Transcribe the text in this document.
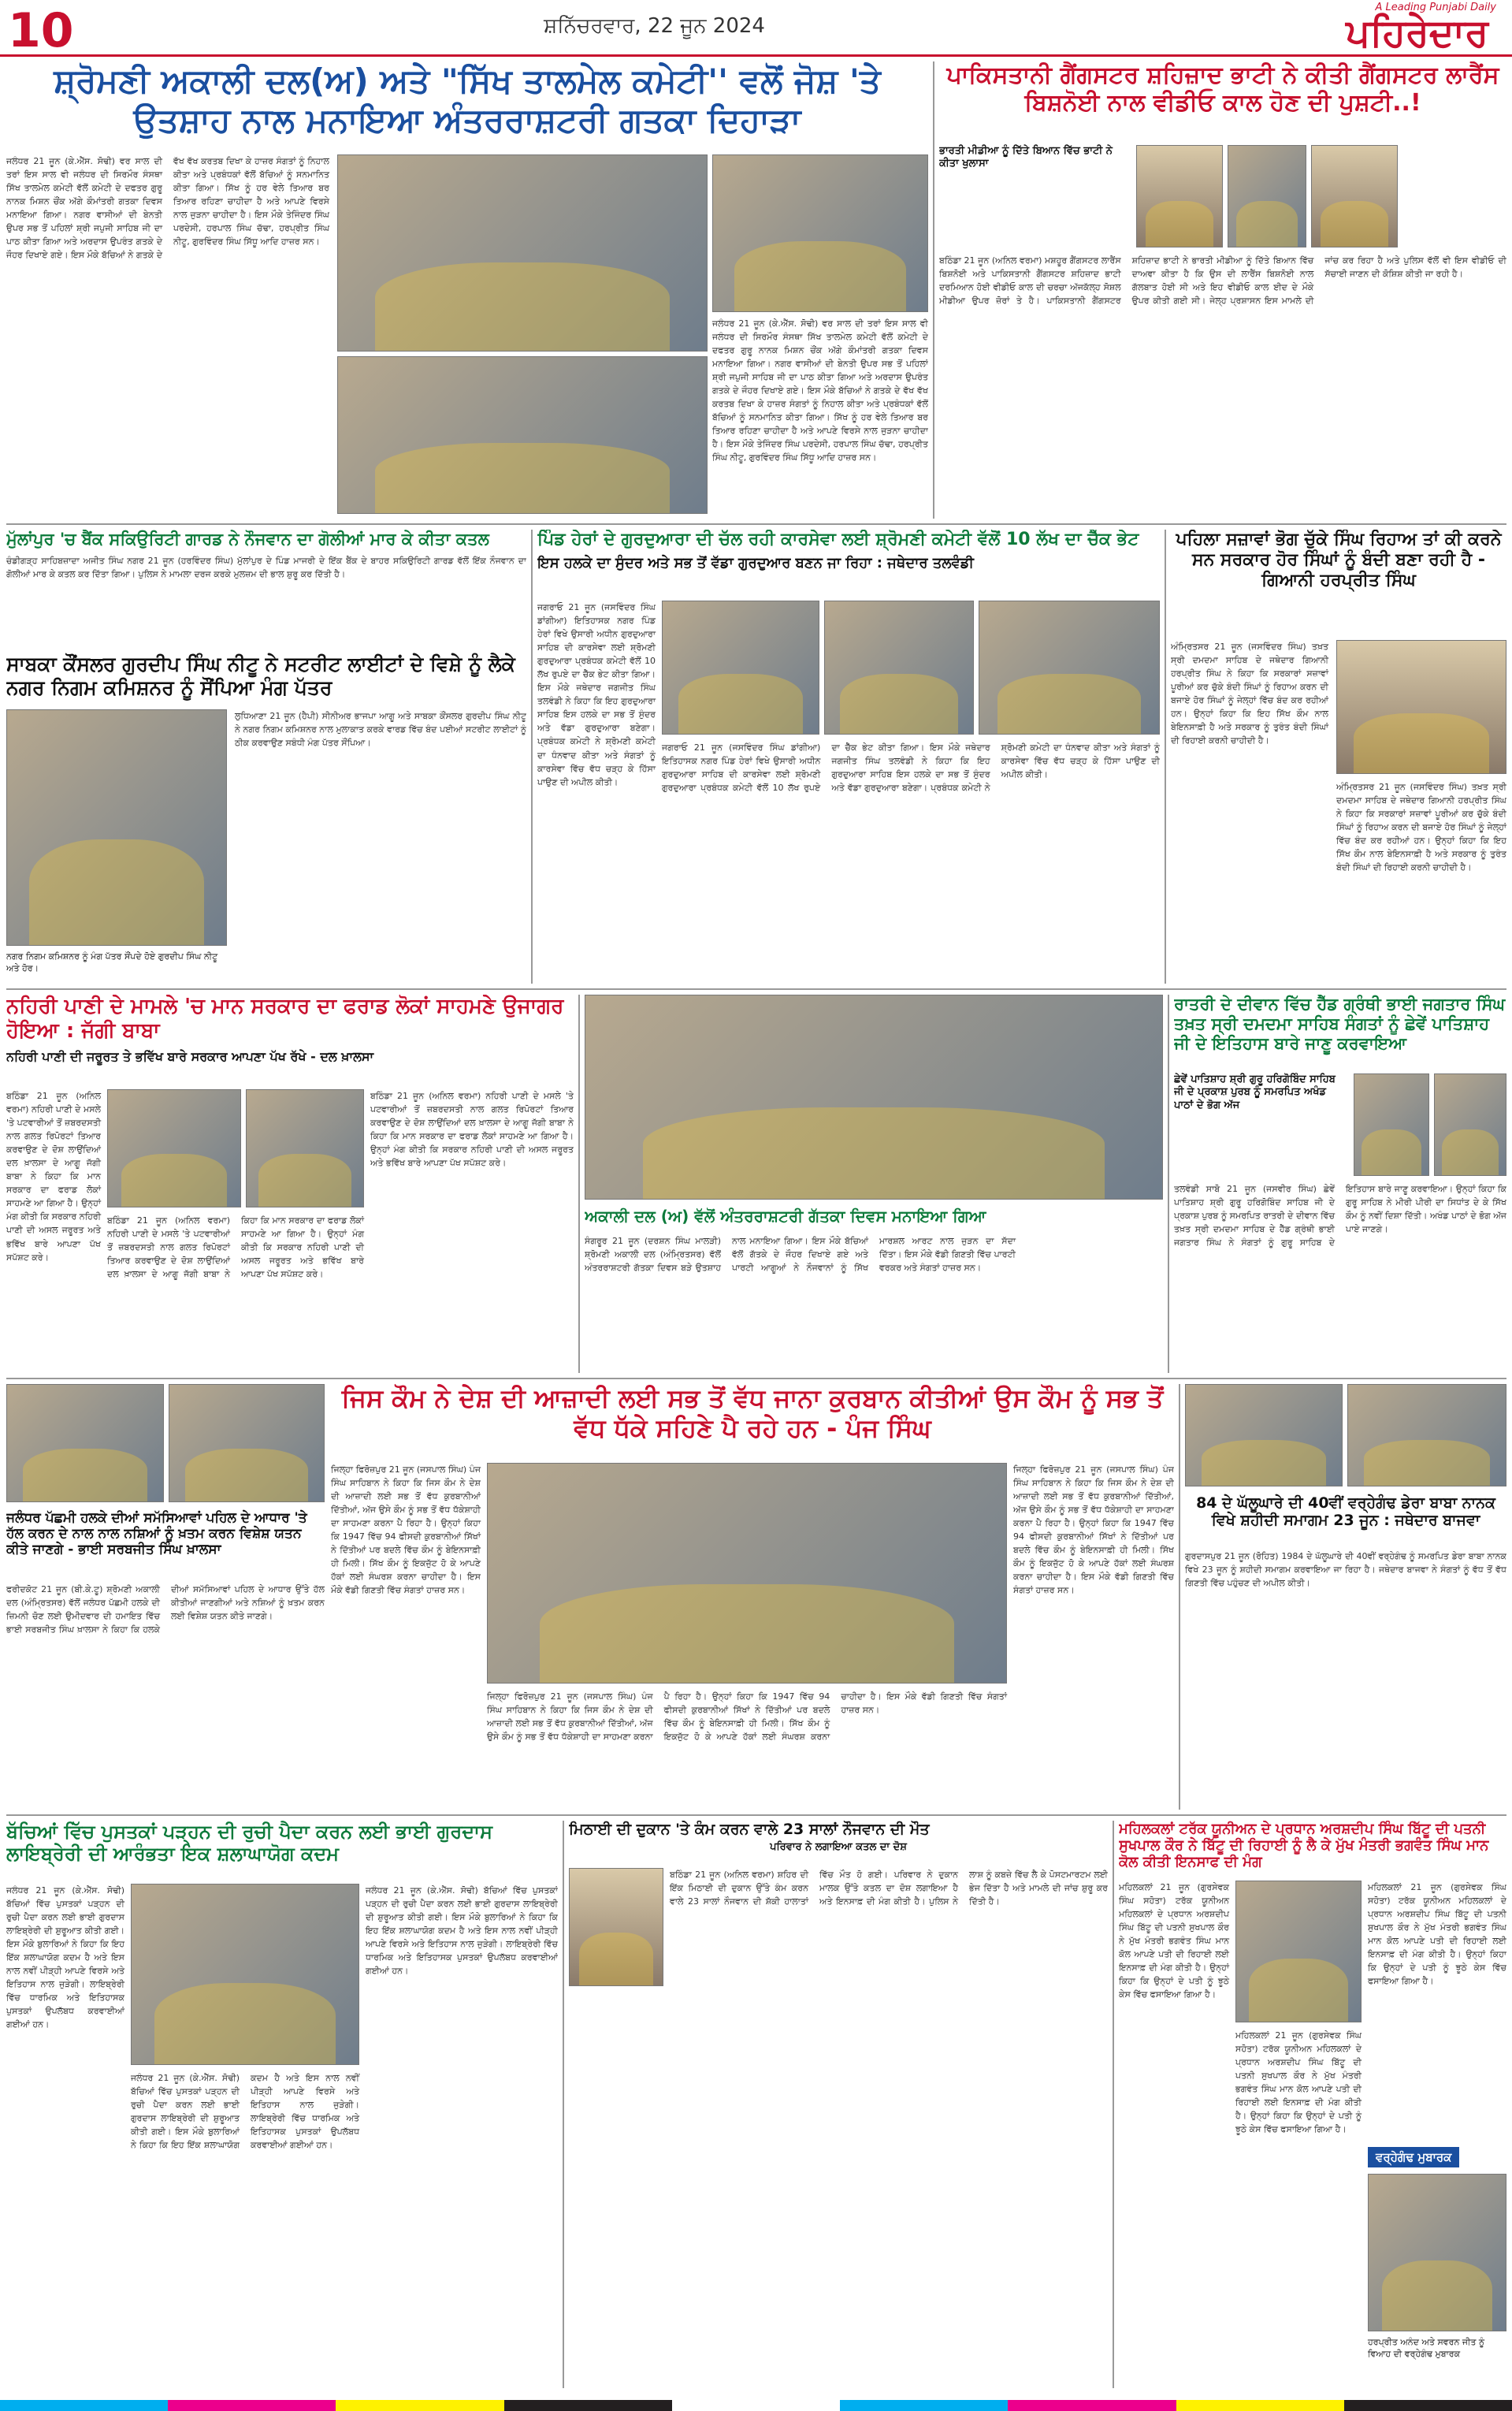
10	ਸ਼ਨਿੱਚਰਵਾਰ, 22 ਜੂਨ 2024
A Leading Punjabi Daily
ਪਹਿਰੇਦਾਰ
ਸ਼੍ਰੋਮਣੀ ਅਕਾਲੀ ਦਲ(ਅ) ਅਤੇ "ਸਿੱਖ ਤਾਲਮੇਲ ਕਮੇਟੀ'' ਵਲੋਂ ਜੋਸ਼ 'ਤੇ ਉਤਸ਼ਾਹ ਨਾਲ ਮਨਾਇਆ ਅੰਤਰਰਾਸ਼ਟਰੀ ਗਤਕਾ ਦਿਹਾੜਾ
ਜਲੰਧਰ 21 ਜੂਨ (ਕੇ.ਐੱਸ. ਸੋਢੀ) ਵਰ ਸਾਲ ਦੀ ਤਰਾਂ ਇਸ ਸਾਲ ਵੀ ਜਲੰਧਰ ਦੀ ਸਿਰਮੌਰ ਸੰਸਥਾ ਸਿੱਖ ਤਾਲਮੇਲ ਕਮੇਟੀ ਵੱਲੋਂ ਕਮੇਟੀ ਦੇ ਦਫਤਰ ਗੁਰੂ ਨਾਨਕ ਮਿਸ਼ਨ ਚੌਂਕ ਅੱਗੇ ਕੌਮਾਂਤਰੀ ਗਤਕਾ ਦਿਵਸ ਮਨਾਇਆ ਗਿਆ। ਨਗਰ ਵਾਸੀਆਂ ਦੀ ਬੇਨਤੀ ਉਪਰ ਸਭ ਤੋਂ ਪਹਿਲਾਂ ਸ਼੍ਰੀ ਜਪੁਜੀ ਸਾਹਿਬ ਜੀ ਦਾ ਪਾਠ ਕੀਤਾ ਗਿਆ ਅਤੇ ਅਰਦਾਸ ਉਪਰੰਤ ਗਤਕੇ ਦੇ ਜੌਹਰ ਦਿਖਾਏ ਗਏ। ਇਸ ਮੌਕੇ ਬੱਚਿਆਂ ਨੇ ਗਤਕੇ ਦੇ ਵੱਖ ਵੱਖ ਕਰਤਬ ਦਿਖਾ ਕੇ ਹਾਜ਼ਰ ਸੰਗਤਾਂ ਨੂੰ ਨਿਹਾਲ ਕੀਤਾ ਅਤੇ ਪ੍ਰਬੰਧਕਾਂ ਵੱਲੋਂ ਬੱਚਿਆਂ ਨੂੰ ਸਨਮਾਨਿਤ ਕੀਤਾ ਗਿਆ। ਸਿੱਖ ਨੂੰ ਹਰ ਵੇਲੇ ਤਿਆਰ ਬਰ ਤਿਆਰ ਰਹਿਣਾ ਚਾਹੀਦਾ ਹੈ ਅਤੇ ਆਪਣੇ ਵਿਰਸੇ ਨਾਲ ਜੁੜਨਾ ਚਾਹੀਦਾ ਹੈ। ਇਸ ਮੌਕੇ ਤੇਜਿੰਦਰ ਸਿੰਘ ਪਰਦੇਸੀ, ਹਰਪਾਲ ਸਿੰਘ ਚੱਢਾ, ਹਰਪ੍ਰੀਤ ਸਿੰਘ ਨੀਟੂ, ਗੁਰਵਿੰਦਰ ਸਿੰਘ ਸਿੱਧੂ ਆਦਿ ਹਾਜ਼ਰ ਸਨ।
ਜਲੰਧਰ 21 ਜੂਨ (ਕੇ.ਐੱਸ. ਸੋਢੀ) ਵਰ ਸਾਲ ਦੀ ਤਰਾਂ ਇਸ ਸਾਲ ਵੀ ਜਲੰਧਰ ਦੀ ਸਿਰਮੌਰ ਸੰਸਥਾ ਸਿੱਖ ਤਾਲਮੇਲ ਕਮੇਟੀ ਵੱਲੋਂ ਕਮੇਟੀ ਦੇ ਦਫਤਰ ਗੁਰੂ ਨਾਨਕ ਮਿਸ਼ਨ ਚੌਂਕ ਅੱਗੇ ਕੌਮਾਂਤਰੀ ਗਤਕਾ ਦਿਵਸ ਮਨਾਇਆ ਗਿਆ। ਨਗਰ ਵਾਸੀਆਂ ਦੀ ਬੇਨਤੀ ਉਪਰ ਸਭ ਤੋਂ ਪਹਿਲਾਂ ਸ਼੍ਰੀ ਜਪੁਜੀ ਸਾਹਿਬ ਜੀ ਦਾ ਪਾਠ ਕੀਤਾ ਗਿਆ ਅਤੇ ਅਰਦਾਸ ਉਪਰੰਤ ਗਤਕੇ ਦੇ ਜੌਹਰ ਦਿਖਾਏ ਗਏ। ਇਸ ਮੌਕੇ ਬੱਚਿਆਂ ਨੇ ਗਤਕੇ ਦੇ ਵੱਖ ਵੱਖ ਕਰਤਬ ਦਿਖਾ ਕੇ ਹਾਜ਼ਰ ਸੰਗਤਾਂ ਨੂੰ ਨਿਹਾਲ ਕੀਤਾ ਅਤੇ ਪ੍ਰਬੰਧਕਾਂ ਵੱਲੋਂ ਬੱਚਿਆਂ ਨੂੰ ਸਨਮਾਨਿਤ ਕੀਤਾ ਗਿਆ। ਸਿੱਖ ਨੂੰ ਹਰ ਵੇਲੇ ਤਿਆਰ ਬਰ ਤਿਆਰ ਰਹਿਣਾ ਚਾਹੀਦਾ ਹੈ ਅਤੇ ਆਪਣੇ ਵਿਰਸੇ ਨਾਲ ਜੁੜਨਾ ਚਾਹੀਦਾ ਹੈ। ਇਸ ਮੌਕੇ ਤੇਜਿੰਦਰ ਸਿੰਘ ਪਰਦੇਸੀ, ਹਰਪਾਲ ਸਿੰਘ ਚੱਢਾ, ਹਰਪ੍ਰੀਤ ਸਿੰਘ ਨੀਟੂ, ਗੁਰਵਿੰਦਰ ਸਿੰਘ ਸਿੱਧੂ ਆਦਿ ਹਾਜ਼ਰ ਸਨ।
ਪਾਕਿਸਤਾਨੀ ਗੈਂਗਸਟਰ ਸ਼ਹਿਜ਼ਾਦ ਭਾਟੀ ਨੇ ਕੀਤੀ ਗੈਂਗਸਟਰ ਲਾਰੈਂਸ ਬਿਸ਼ਨੋਈ ਨਾਲ ਵੀਡੀਓ ਕਾਲ ਹੋਣ ਦੀ ਪੁਸ਼ਟੀ..!
ਭਾਰਤੀ ਮੀਡੀਆ ਨੂੰ ਦਿੱਤੇ ਬਿਆਨ ਵਿੱਚ ਭਾਟੀ ਨੇ ਕੀਤਾ ਖੁਲਾਸਾ
ਬਠਿੰਡਾ 21 ਜੂਨ (ਅਨਿਲ ਵਰਮਾ) ਮਸ਼ਹੂਰ ਗੈਂਗਸਟਰ ਲਾਰੈਂਸ ਬਿਸ਼ਨੋਈ ਅਤੇ ਪਾਕਿਸਤਾਨੀ ਗੈਂਗਸਟਰ ਸ਼ਹਿਜ਼ਾਦ ਭਾਟੀ ਦਰਮਿਆਨ ਹੋਈ ਵੀਡੀਓ ਕਾਲ ਦੀ ਚਰਚਾ ਅੱਜਕੱਲ੍ਹ ਸੋਸ਼ਲ ਮੀਡੀਆ ਉਪਰ ਜ਼ੋਰਾਂ ਤੇ ਹੈ। ਪਾਕਿਸਤਾਨੀ ਗੈਂਗਸਟਰ ਸ਼ਹਿਜ਼ਾਦ ਭਾਟੀ ਨੇ ਭਾਰਤੀ ਮੀਡੀਆ ਨੂੰ ਦਿੱਤੇ ਬਿਆਨ ਵਿੱਚ ਦਾਅਵਾ ਕੀਤਾ ਹੈ ਕਿ ਉਸ ਦੀ ਲਾਰੈਂਸ ਬਿਸ਼ਨੋਈ ਨਾਲ ਗੱਲਬਾਤ ਹੋਈ ਸੀ ਅਤੇ ਇਹ ਵੀਡੀਓ ਕਾਲ ਈਦ ਦੇ ਮੌਕੇ ਉਪਰ ਕੀਤੀ ਗਈ ਸੀ। ਜੇਲ੍ਹ ਪ੍ਰਸ਼ਾਸਨ ਇਸ ਮਾਮਲੇ ਦੀ ਜਾਂਚ ਕਰ ਰਿਹਾ ਹੈ ਅਤੇ ਪੁਲਿਸ ਵੱਲੋਂ ਵੀ ਇਸ ਵੀਡੀਓ ਦੀ ਸੱਚਾਈ ਜਾਣਨ ਦੀ ਕੋਸ਼ਿਸ਼ ਕੀਤੀ ਜਾ ਰਹੀ ਹੈ।
ਮੁੱਲਾਂਪੁਰ 'ਚ ਬੈਂਕ ਸਕਿਉਰਿਟੀ ਗਾਰਡ ਨੇ ਨੌਜਵਾਨ ਦਾ ਗੋਲੀਆਂ ਮਾਰ ਕੇ ਕੀਤਾ ਕਤਲ
ਚੰਡੀਗੜ੍ਹ ਸਾਹਿਬਜ਼ਾਦਾ ਅਜੀਤ ਸਿੰਘ ਨਗਰ 21 ਜੂਨ (ਹਰਵਿੰਦਰ ਸਿੰਘ) ਮੁੱਲਾਂਪੁਰ ਦੇ ਪਿੰਡ ਮਾਜਰੀ ਦੇ ਇੱਕ ਬੈਂਕ ਦੇ ਬਾਹਰ ਸਕਿਉਰਿਟੀ ਗਾਰਡ ਵੱਲੋਂ ਇੱਕ ਨੌਜਵਾਨ ਦਾ ਗੋਲੀਆਂ ਮਾਰ ਕੇ ਕਤਲ ਕਰ ਦਿੱਤਾ ਗਿਆ। ਪੁਲਿਸ ਨੇ ਮਾਮਲਾ ਦਰਜ ਕਰਕੇ ਮੁਲਜ਼ਮ ਦੀ ਭਾਲ ਸ਼ੁਰੂ ਕਰ ਦਿੱਤੀ ਹੈ।
ਸਾਬਕਾ ਕੌਂਸਲਰ ਗੁਰਦੀਪ ਸਿੰਘ ਨੀਟੂ ਨੇ ਸਟਰੀਟ ਲਾਈਟਾਂ ਦੇ ਵਿਸ਼ੇ ਨੂੰ ਲੈਕੇ ਨਗਰ ਨਿਗਮ ਕਮਿਸ਼ਨਰ ਨੂੰ ਸੌਂਪਿਆ ਮੰਗ ਪੱਤਰ
ਨਗਰ ਨਿਗਮ ਕਮਿਸ਼ਨਰ ਨੂੰ ਮੰਗ ਪੱਤਰ ਸੌਂਪਦੇ ਹੋਏ ਗੁਰਦੀਪ ਸਿੰਘ ਨੀਟੂ ਅਤੇ ਹੋਰ।
ਲੁਧਿਆਣਾ 21 ਜੂਨ (ਹੈਪੀ) ਸੀਨੀਅਰ ਭਾਜਪਾ ਆਗੂ ਅਤੇ ਸਾਬਕਾ ਕੌਂਸਲਰ ਗੁਰਦੀਪ ਸਿੰਘ ਨੀਟੂ ਨੇ ਨਗਰ ਨਿਗਮ ਕਮਿਸ਼ਨਰ ਨਾਲ ਮੁਲਾਕਾਤ ਕਰਕੇ ਵਾਰਡ ਵਿੱਚ ਬੰਦ ਪਈਆਂ ਸਟਰੀਟ ਲਾਈਟਾਂ ਨੂੰ ਠੀਕ ਕਰਵਾਉਣ ਸਬੰਧੀ ਮੰਗ ਪੱਤਰ ਸੌਂਪਿਆ।
ਪਿੰਡ ਹੇਰਾਂ ਦੇ ਗੁਰਦੁਆਰਾ ਦੀ ਚੱਲ ਰਹੀ ਕਾਰਸੇਵਾ ਲਈ ਸ਼੍ਰੋਮਣੀ ਕਮੇਟੀ ਵੱਲੋਂ 10 ਲੱਖ ਦਾ ਚੈੱਕ ਭੇਟ
ਇਸ ਹਲਕੇ ਦਾ ਸੁੰਦਰ ਅਤੇ ਸਭ ਤੋਂ ਵੱਡਾ ਗੁਰਦੁਆਰ ਬਣਨ ਜਾ ਰਿਹਾ : ਜਥੇਦਾਰ ਤਲਵੰਡੀ
ਜਗਰਾਓ 21 ਜੂਨ (ਜਸਵਿੰਦਰ ਸਿੰਘ ਡਾਂਗੀਆ) ਇਤਿਹਾਸਕ ਨਗਰ ਪਿੰਡ ਹੇਰਾਂ ਵਿਖੇ ਉਸਾਰੀ ਅਧੀਨ ਗੁਰਦੁਆਰਾ ਸਾਹਿਬ ਦੀ ਕਾਰਸੇਵਾ ਲਈ ਸ਼੍ਰੋਮਣੀ ਗੁਰਦੁਆਰਾ ਪ੍ਰਬੰਧਕ ਕਮੇਟੀ ਵੱਲੋਂ 10 ਲੱਖ ਰੁਪਏ ਦਾ ਚੈੱਕ ਭੇਟ ਕੀਤਾ ਗਿਆ। ਇਸ ਮੌਕੇ ਜਥੇਦਾਰ ਜਗਜੀਤ ਸਿੰਘ ਤਲਵੰਡੀ ਨੇ ਕਿਹਾ ਕਿ ਇਹ ਗੁਰਦੁਆਰਾ ਸਾਹਿਬ ਇਸ ਹਲਕੇ ਦਾ ਸਭ ਤੋਂ ਸੁੰਦਰ ਅਤੇ ਵੱਡਾ ਗੁਰਦੁਆਰਾ ਬਣੇਗਾ। ਪ੍ਰਬੰਧਕ ਕਮੇਟੀ ਨੇ ਸ਼੍ਰੋਮਣੀ ਕਮੇਟੀ ਦਾ ਧੰਨਵਾਦ ਕੀਤਾ ਅਤੇ ਸੰਗਤਾਂ ਨੂੰ ਕਾਰਸੇਵਾ ਵਿੱਚ ਵੱਧ ਚੜ੍ਹ ਕੇ ਹਿੱਸਾ ਪਾਉਣ ਦੀ ਅਪੀਲ ਕੀਤੀ।
ਜਗਰਾਓ 21 ਜੂਨ (ਜਸਵਿੰਦਰ ਸਿੰਘ ਡਾਂਗੀਆ) ਇਤਿਹਾਸਕ ਨਗਰ ਪਿੰਡ ਹੇਰਾਂ ਵਿਖੇ ਉਸਾਰੀ ਅਧੀਨ ਗੁਰਦੁਆਰਾ ਸਾਹਿਬ ਦੀ ਕਾਰਸੇਵਾ ਲਈ ਸ਼੍ਰੋਮਣੀ ਗੁਰਦੁਆਰਾ ਪ੍ਰਬੰਧਕ ਕਮੇਟੀ ਵੱਲੋਂ 10 ਲੱਖ ਰੁਪਏ ਦਾ ਚੈੱਕ ਭੇਟ ਕੀਤਾ ਗਿਆ। ਇਸ ਮੌਕੇ ਜਥੇਦਾਰ ਜਗਜੀਤ ਸਿੰਘ ਤਲਵੰਡੀ ਨੇ ਕਿਹਾ ਕਿ ਇਹ ਗੁਰਦੁਆਰਾ ਸਾਹਿਬ ਇਸ ਹਲਕੇ ਦਾ ਸਭ ਤੋਂ ਸੁੰਦਰ ਅਤੇ ਵੱਡਾ ਗੁਰਦੁਆਰਾ ਬਣੇਗਾ। ਪ੍ਰਬੰਧਕ ਕਮੇਟੀ ਨੇ ਸ਼੍ਰੋਮਣੀ ਕਮੇਟੀ ਦਾ ਧੰਨਵਾਦ ਕੀਤਾ ਅਤੇ ਸੰਗਤਾਂ ਨੂੰ ਕਾਰਸੇਵਾ ਵਿੱਚ ਵੱਧ ਚੜ੍ਹ ਕੇ ਹਿੱਸਾ ਪਾਉਣ ਦੀ ਅਪੀਲ ਕੀਤੀ।
ਪਹਿਲਾ ਸਜ਼ਾਵਾਂ ਭੋਗ ਚੁੱਕੇ ਸਿੰਘ ਰਿਹਾਅ ਤਾਂ ਕੀ ਕਰਨੇ ਸਨ ਸਰਕਾਰ ਹੋਰ ਸਿੰਘਾਂ ਨੂੰ ਬੰਦੀ ਬਣਾ ਰਹੀ ਹੈ - ਗਿਆਨੀ ਹਰਪ੍ਰੀਤ ਸਿੰਘ
ਅੰਮ੍ਰਿਤਸਰ 21 ਜੂਨ (ਜਸਵਿੰਦਰ ਸਿੰਘ) ਤਖ਼ਤ ਸ੍ਰੀ ਦਮਦਮਾ ਸਾਹਿਬ ਦੇ ਜਥੇਦਾਰ ਗਿਆਨੀ ਹਰਪ੍ਰੀਤ ਸਿੰਘ ਨੇ ਕਿਹਾ ਕਿ ਸਰਕਾਰਾਂ ਸਜ਼ਾਵਾਂ ਪੂਰੀਆਂ ਕਰ ਚੁੱਕੇ ਬੰਦੀ ਸਿੰਘਾਂ ਨੂੰ ਰਿਹਾਅ ਕਰਨ ਦੀ ਬਜਾਏ ਹੋਰ ਸਿੰਘਾਂ ਨੂੰ ਜੇਲ੍ਹਾਂ ਵਿੱਚ ਬੰਦ ਕਰ ਰਹੀਆਂ ਹਨ। ਉਨ੍ਹਾਂ ਕਿਹਾ ਕਿ ਇਹ ਸਿੱਖ ਕੌਮ ਨਾਲ ਬੇਇਨਸਾਫ਼ੀ ਹੈ ਅਤੇ ਸਰਕਾਰ ਨੂੰ ਤੁਰੰਤ ਬੰਦੀ ਸਿੰਘਾਂ ਦੀ ਰਿਹਾਈ ਕਰਨੀ ਚਾਹੀਦੀ ਹੈ।
ਅੰਮ੍ਰਿਤਸਰ 21 ਜੂਨ (ਜਸਵਿੰਦਰ ਸਿੰਘ) ਤਖ਼ਤ ਸ੍ਰੀ ਦਮਦਮਾ ਸਾਹਿਬ ਦੇ ਜਥੇਦਾਰ ਗਿਆਨੀ ਹਰਪ੍ਰੀਤ ਸਿੰਘ ਨੇ ਕਿਹਾ ਕਿ ਸਰਕਾਰਾਂ ਸਜ਼ਾਵਾਂ ਪੂਰੀਆਂ ਕਰ ਚੁੱਕੇ ਬੰਦੀ ਸਿੰਘਾਂ ਨੂੰ ਰਿਹਾਅ ਕਰਨ ਦੀ ਬਜਾਏ ਹੋਰ ਸਿੰਘਾਂ ਨੂੰ ਜੇਲ੍ਹਾਂ ਵਿੱਚ ਬੰਦ ਕਰ ਰਹੀਆਂ ਹਨ। ਉਨ੍ਹਾਂ ਕਿਹਾ ਕਿ ਇਹ ਸਿੱਖ ਕੌਮ ਨਾਲ ਬੇਇਨਸਾਫ਼ੀ ਹੈ ਅਤੇ ਸਰਕਾਰ ਨੂੰ ਤੁਰੰਤ ਬੰਦੀ ਸਿੰਘਾਂ ਦੀ ਰਿਹਾਈ ਕਰਨੀ ਚਾਹੀਦੀ ਹੈ।
ਨਹਿਰੀ ਪਾਣੀ ਦੇ ਮਾਮਲੇ 'ਚ ਮਾਨ ਸਰਕਾਰ ਦਾ ਫਰਾਡ ਲੋਕਾਂ ਸਾਹਮਣੇ ਉਜਾਗਰ ਹੋਇਆ : ਜੱਗੀ ਬਾਬਾ
ਨਹਿਰੀ ਪਾਣੀ ਦੀ ਜਰੂਰਤ ਤੇ ਭਵਿੱਖ ਬਾਰੇ ਸਰਕਾਰ ਆਪਣਾ ਪੱਖ ਰੱਖੇ - ਦਲ ਖ਼ਾਲਸਾ
ਬਠਿੰਡਾ 21 ਜੂਨ (ਅਨਿਲ ਵਰਮਾ) ਨਹਿਰੀ ਪਾਣੀ ਦੇ ਮਸਲੇ 'ਤੇ ਪਟਵਾਰੀਆਂ ਤੋਂ ਜ਼ਬਰਦਸਤੀ ਨਾਲ ਗਲਤ ਰਿਪੋਰਟਾਂ ਤਿਆਰ ਕਰਵਾਉਣ ਦੇ ਦੋਸ਼ ਲਾਉਂਦਿਆਂ ਦਲ ਖ਼ਾਲਸਾ ਦੇ ਆਗੂ ਜੱਗੀ ਬਾਬਾ ਨੇ ਕਿਹਾ ਕਿ ਮਾਨ ਸਰਕਾਰ ਦਾ ਫਰਾਡ ਲੋਕਾਂ ਸਾਹਮਣੇ ਆ ਗਿਆ ਹੈ। ਉਨ੍ਹਾਂ ਮੰਗ ਕੀਤੀ ਕਿ ਸਰਕਾਰ ਨਹਿਰੀ ਪਾਣੀ ਦੀ ਅਸਲ ਜਰੂਰਤ ਅਤੇ ਭਵਿੱਖ ਬਾਰੇ ਆਪਣਾ ਪੱਖ ਸਪੱਸ਼ਟ ਕਰੇ।
ਬਠਿੰਡਾ 21 ਜੂਨ (ਅਨਿਲ ਵਰਮਾ) ਨਹਿਰੀ ਪਾਣੀ ਦੇ ਮਸਲੇ 'ਤੇ ਪਟਵਾਰੀਆਂ ਤੋਂ ਜ਼ਬਰਦਸਤੀ ਨਾਲ ਗਲਤ ਰਿਪੋਰਟਾਂ ਤਿਆਰ ਕਰਵਾਉਣ ਦੇ ਦੋਸ਼ ਲਾਉਂਦਿਆਂ ਦਲ ਖ਼ਾਲਸਾ ਦੇ ਆਗੂ ਜੱਗੀ ਬਾਬਾ ਨੇ ਕਿਹਾ ਕਿ ਮਾਨ ਸਰਕਾਰ ਦਾ ਫਰਾਡ ਲੋਕਾਂ ਸਾਹਮਣੇ ਆ ਗਿਆ ਹੈ। ਉਨ੍ਹਾਂ ਮੰਗ ਕੀਤੀ ਕਿ ਸਰਕਾਰ ਨਹਿਰੀ ਪਾਣੀ ਦੀ ਅਸਲ ਜਰੂਰਤ ਅਤੇ ਭਵਿੱਖ ਬਾਰੇ ਆਪਣਾ ਪੱਖ ਸਪੱਸ਼ਟ ਕਰੇ।
ਬਠਿੰਡਾ 21 ਜੂਨ (ਅਨਿਲ ਵਰਮਾ) ਨਹਿਰੀ ਪਾਣੀ ਦੇ ਮਸਲੇ 'ਤੇ ਪਟਵਾਰੀਆਂ ਤੋਂ ਜ਼ਬਰਦਸਤੀ ਨਾਲ ਗਲਤ ਰਿਪੋਰਟਾਂ ਤਿਆਰ ਕਰਵਾਉਣ ਦੇ ਦੋਸ਼ ਲਾਉਂਦਿਆਂ ਦਲ ਖ਼ਾਲਸਾ ਦੇ ਆਗੂ ਜੱਗੀ ਬਾਬਾ ਨੇ ਕਿਹਾ ਕਿ ਮਾਨ ਸਰਕਾਰ ਦਾ ਫਰਾਡ ਲੋਕਾਂ ਸਾਹਮਣੇ ਆ ਗਿਆ ਹੈ। ਉਨ੍ਹਾਂ ਮੰਗ ਕੀਤੀ ਕਿ ਸਰਕਾਰ ਨਹਿਰੀ ਪਾਣੀ ਦੀ ਅਸਲ ਜਰੂਰਤ ਅਤੇ ਭਵਿੱਖ ਬਾਰੇ ਆਪਣਾ ਪੱਖ ਸਪੱਸ਼ਟ ਕਰੇ।
ਅਕਾਲੀ ਦਲ (ਅ) ਵੱਲੋਂ ਅੰਤਰਰਾਸ਼ਟਰੀ ਗੱਤਕਾ ਦਿਵਸ ਮਨਾਇਆ ਗਿਆ
ਸੰਗਰੂਰ 21 ਜੂਨ (ਦਰਸ਼ਨ ਸਿੰਘ ਮਾਲੜੀ) ਸ਼੍ਰੋਮਣੀ ਅਕਾਲੀ ਦਲ (ਅੰਮ੍ਰਿਤਸਰ) ਵੱਲੋਂ ਅੰਤਰਰਾਸ਼ਟਰੀ ਗੱਤਕਾ ਦਿਵਸ ਬੜੇ ਉਤਸ਼ਾਹ ਨਾਲ ਮਨਾਇਆ ਗਿਆ। ਇਸ ਮੌਕੇ ਬੱਚਿਆਂ ਵੱਲੋਂ ਗੱਤਕੇ ਦੇ ਜੌਹਰ ਦਿਖਾਏ ਗਏ ਅਤੇ ਪਾਰਟੀ ਆਗੂਆਂ ਨੇ ਨੌਜਵਾਨਾਂ ਨੂੰ ਸਿੱਖ ਮਾਰਸ਼ਲ ਆਰਟ ਨਾਲ ਜੁੜਨ ਦਾ ਸੱਦਾ ਦਿੱਤਾ। ਇਸ ਮੌਕੇ ਵੱਡੀ ਗਿਣਤੀ ਵਿੱਚ ਪਾਰਟੀ ਵਰਕਰ ਅਤੇ ਸੰਗਤਾਂ ਹਾਜ਼ਰ ਸਨ।
ਰਾਤਰੀ ਦੇ ਦੀਵਾਨ ਵਿੱਚ ਹੈੱਡ ਗ੍ਰੰਥੀ ਭਾਈ ਜਗਤਾਰ ਸਿੰਘ ਤਖ਼ਤ ਸ੍ਰੀ ਦਮਦਮਾ ਸਾਹਿਬ ਸੰਗਤਾਂ ਨੂੰ ਛੇਵੇਂ ਪਾਤਿਸ਼ਾਹ ਜੀ ਦੇ ਇਤਿਹਾਸ ਬਾਰੇ ਜਾਣੂ ਕਰਵਾਇਆ
ਛੇਵੇਂ ਪਾਤਿਸ਼ਾਹ ਸ਼੍ਰੀ ਗੁਰੂ ਹਰਿਗੋਬਿੰਦ ਸਾਹਿਬ ਜੀ ਦੇ ਪ੍ਰਕਾਸ਼ ਪੁਰਬ ਨੂੰ ਸਮਰਪਿਤ ਅਖੰਡ ਪਾਠਾਂ ਦੇ ਭੋਗ ਅੱਜ
ਤਲਵੰਡੀ ਸਾਬੋ 21 ਜੂਨ (ਜਸਵੀਰ ਸਿੰਘ) ਛੇਵੇਂ ਪਾਤਿਸ਼ਾਹ ਸ਼੍ਰੀ ਗੁਰੂ ਹਰਿਗੋਬਿੰਦ ਸਾਹਿਬ ਜੀ ਦੇ ਪ੍ਰਕਾਸ਼ ਪੁਰਬ ਨੂੰ ਸਮਰਪਿਤ ਰਾਤਰੀ ਦੇ ਦੀਵਾਨ ਵਿੱਚ ਤਖ਼ਤ ਸ੍ਰੀ ਦਮਦਮਾ ਸਾਹਿਬ ਦੇ ਹੈੱਡ ਗ੍ਰੰਥੀ ਭਾਈ ਜਗਤਾਰ ਸਿੰਘ ਨੇ ਸੰਗਤਾਂ ਨੂੰ ਗੁਰੂ ਸਾਹਿਬ ਦੇ ਇਤਿਹਾਸ ਬਾਰੇ ਜਾਣੂ ਕਰਵਾਇਆ। ਉਨ੍ਹਾਂ ਕਿਹਾ ਕਿ ਗੁਰੂ ਸਾਹਿਬ ਨੇ ਮੀਰੀ ਪੀਰੀ ਦਾ ਸਿਧਾਂਤ ਦੇ ਕੇ ਸਿੱਖ ਕੌਮ ਨੂੰ ਨਵੀਂ ਦਿਸ਼ਾ ਦਿੱਤੀ। ਅਖੰਡ ਪਾਠਾਂ ਦੇ ਭੋਗ ਅੱਜ ਪਾਏ ਜਾਣਗੇ।
ਜਿਸ ਕੌਮ ਨੇ ਦੇਸ਼ ਦੀ ਆਜ਼ਾਦੀ ਲਈ ਸਭ ਤੋਂ ਵੱਧ ਜਾਨਾ ਕੁਰਬਾਨ ਕੀਤੀਆਂ ਉਸ ਕੌਮ ਨੂੰ ਸਭ ਤੋਂ ਵੱਧ ਧੱਕੇ ਸਹਿਣੇ ਪੈ ਰਹੇ ਹਨ - ਪੰਜ ਸਿੰਘ
ਜਿਲ੍ਹਾ ਫਿਰੋਜ਼ਪੁਰ 21 ਜੂਨ (ਜਸਪਾਲ ਸਿੰਘ) ਪੰਜ ਸਿੰਘ ਸਾਹਿਬਾਨ ਨੇ ਕਿਹਾ ਕਿ ਜਿਸ ਕੌਮ ਨੇ ਦੇਸ਼ ਦੀ ਆਜ਼ਾਦੀ ਲਈ ਸਭ ਤੋਂ ਵੱਧ ਕੁਰਬਾਨੀਆਂ ਦਿੱਤੀਆਂ, ਅੱਜ ਉਸੇ ਕੌਮ ਨੂੰ ਸਭ ਤੋਂ ਵੱਧ ਧੱਕੇਸ਼ਾਹੀ ਦਾ ਸਾਹਮਣਾ ਕਰਨਾ ਪੈ ਰਿਹਾ ਹੈ। ਉਨ੍ਹਾਂ ਕਿਹਾ ਕਿ 1947 ਵਿੱਚ 94 ਫੀਸਦੀ ਕੁਰਬਾਨੀਆਂ ਸਿੱਖਾਂ ਨੇ ਦਿੱਤੀਆਂ ਪਰ ਬਦਲੇ ਵਿੱਚ ਕੌਮ ਨੂੰ ਬੇਇਨਸਾਫ਼ੀ ਹੀ ਮਿਲੀ। ਸਿੱਖ ਕੌਮ ਨੂੰ ਇਕਜੁੱਟ ਹੋ ਕੇ ਆਪਣੇ ਹੱਕਾਂ ਲਈ ਸੰਘਰਸ਼ ਕਰਨਾ ਚਾਹੀਦਾ ਹੈ। ਇਸ ਮੌਕੇ ਵੱਡੀ ਗਿਣਤੀ ਵਿੱਚ ਸੰਗਤਾਂ ਹਾਜ਼ਰ ਸਨ।
ਜਿਲ੍ਹਾ ਫਿਰੋਜ਼ਪੁਰ 21 ਜੂਨ (ਜਸਪਾਲ ਸਿੰਘ) ਪੰਜ ਸਿੰਘ ਸਾਹਿਬਾਨ ਨੇ ਕਿਹਾ ਕਿ ਜਿਸ ਕੌਮ ਨੇ ਦੇਸ਼ ਦੀ ਆਜ਼ਾਦੀ ਲਈ ਸਭ ਤੋਂ ਵੱਧ ਕੁਰਬਾਨੀਆਂ ਦਿੱਤੀਆਂ, ਅੱਜ ਉਸੇ ਕੌਮ ਨੂੰ ਸਭ ਤੋਂ ਵੱਧ ਧੱਕੇਸ਼ਾਹੀ ਦਾ ਸਾਹਮਣਾ ਕਰਨਾ ਪੈ ਰਿਹਾ ਹੈ। ਉਨ੍ਹਾਂ ਕਿਹਾ ਕਿ 1947 ਵਿੱਚ 94 ਫੀਸਦੀ ਕੁਰਬਾਨੀਆਂ ਸਿੱਖਾਂ ਨੇ ਦਿੱਤੀਆਂ ਪਰ ਬਦਲੇ ਵਿੱਚ ਕੌਮ ਨੂੰ ਬੇਇਨਸਾਫ਼ੀ ਹੀ ਮਿਲੀ। ਸਿੱਖ ਕੌਮ ਨੂੰ ਇਕਜੁੱਟ ਹੋ ਕੇ ਆਪਣੇ ਹੱਕਾਂ ਲਈ ਸੰਘਰਸ਼ ਕਰਨਾ ਚਾਹੀਦਾ ਹੈ। ਇਸ ਮੌਕੇ ਵੱਡੀ ਗਿਣਤੀ ਵਿੱਚ ਸੰਗਤਾਂ ਹਾਜ਼ਰ ਸਨ।
ਜਿਲ੍ਹਾ ਫਿਰੋਜ਼ਪੁਰ 21 ਜੂਨ (ਜਸਪਾਲ ਸਿੰਘ) ਪੰਜ ਸਿੰਘ ਸਾਹਿਬਾਨ ਨੇ ਕਿਹਾ ਕਿ ਜਿਸ ਕੌਮ ਨੇ ਦੇਸ਼ ਦੀ ਆਜ਼ਾਦੀ ਲਈ ਸਭ ਤੋਂ ਵੱਧ ਕੁਰਬਾਨੀਆਂ ਦਿੱਤੀਆਂ, ਅੱਜ ਉਸੇ ਕੌਮ ਨੂੰ ਸਭ ਤੋਂ ਵੱਧ ਧੱਕੇਸ਼ਾਹੀ ਦਾ ਸਾਹਮਣਾ ਕਰਨਾ ਪੈ ਰਿਹਾ ਹੈ। ਉਨ੍ਹਾਂ ਕਿਹਾ ਕਿ 1947 ਵਿੱਚ 94 ਫੀਸਦੀ ਕੁਰਬਾਨੀਆਂ ਸਿੱਖਾਂ ਨੇ ਦਿੱਤੀਆਂ ਪਰ ਬਦਲੇ ਵਿੱਚ ਕੌਮ ਨੂੰ ਬੇਇਨਸਾਫ਼ੀ ਹੀ ਮਿਲੀ। ਸਿੱਖ ਕੌਮ ਨੂੰ ਇਕਜੁੱਟ ਹੋ ਕੇ ਆਪਣੇ ਹੱਕਾਂ ਲਈ ਸੰਘਰਸ਼ ਕਰਨਾ ਚਾਹੀਦਾ ਹੈ। ਇਸ ਮੌਕੇ ਵੱਡੀ ਗਿਣਤੀ ਵਿੱਚ ਸੰਗਤਾਂ ਹਾਜ਼ਰ ਸਨ।
ਜਲੰਧਰ ਪੱਛਮੀ ਹਲਕੇ ਦੀਆਂ ਸਮੱਸਿਆਵਾਂ ਪਹਿਲ ਦੇ ਆਧਾਰ 'ਤੇ ਹੱਲ ਕਰਨ ਦੇ ਨਾਲ ਨਾਲ ਨਸ਼ਿਆਂ ਨੂੰ ਖ਼ਤਮ ਕਰਨ ਵਿਸ਼ੇਸ਼ ਯਤਨ ਕੀਤੇ ਜਾਣਗੇ - ਭਾਈ ਸਰਬਜੀਤ ਸਿੰਘ ਖ਼ਾਲਸਾ
ਫਰੀਦਕੋਟ 21 ਜੂਨ (ਬੀ.ਕੇ.ਟੂ) ਸ਼੍ਰੋਮਣੀ ਅਕਾਲੀ ਦਲ (ਅੰਮ੍ਰਿਤਸਰ) ਵੱਲੋਂ ਜਲੰਧਰ ਪੱਛਮੀ ਹਲਕੇ ਦੀ ਜ਼ਿਮਨੀ ਚੋਣ ਲਈ ਉਮੀਦਵਾਰ ਦੀ ਹਮਾਇਤ ਵਿੱਚ ਭਾਈ ਸਰਬਜੀਤ ਸਿੰਘ ਖ਼ਾਲਸਾ ਨੇ ਕਿਹਾ ਕਿ ਹਲਕੇ ਦੀਆਂ ਸਮੱਸਿਆਵਾਂ ਪਹਿਲ ਦੇ ਆਧਾਰ ਉੱਤੇ ਹੱਲ ਕੀਤੀਆਂ ਜਾਣਗੀਆਂ ਅਤੇ ਨਸ਼ਿਆਂ ਨੂੰ ਖ਼ਤਮ ਕਰਨ ਲਈ ਵਿਸ਼ੇਸ਼ ਯਤਨ ਕੀਤੇ ਜਾਣਗੇ।
84 ਦੇ ਘੱਲੂਘਾਰੇ ਦੀ 40ਵੀਂ ਵਰ੍ਹੇਗੰਢ ਡੇਰਾ ਬਾਬਾ ਨਾਨਕ ਵਿਖੇ ਸ਼ਹੀਦੀ ਸਮਾਗਮ 23 ਜੂਨ : ਜਥੇਦਾਰ ਬਾਜਵਾ
ਗੁਰਦਾਸਪੁਰ 21 ਜੂਨ (ਰੋਹਿਤ) 1984 ਦੇ ਘੱਲੂਘਾਰੇ ਦੀ 40ਵੀਂ ਵਰ੍ਹੇਗੰਢ ਨੂੰ ਸਮਰਪਿਤ ਡੇਰਾ ਬਾਬਾ ਨਾਨਕ ਵਿਖੇ 23 ਜੂਨ ਨੂੰ ਸ਼ਹੀਦੀ ਸਮਾਗਮ ਕਰਵਾਇਆ ਜਾ ਰਿਹਾ ਹੈ। ਜਥੇਦਾਰ ਬਾਜਵਾ ਨੇ ਸੰਗਤਾਂ ਨੂੰ ਵੱਧ ਤੋਂ ਵੱਧ ਗਿਣਤੀ ਵਿੱਚ ਪਹੁੰਚਣ ਦੀ ਅਪੀਲ ਕੀਤੀ।
ਬੱਚਿਆਂ ਵਿੱਚ ਪੁਸਤਕਾਂ ਪੜ੍ਹਨ ਦੀ ਰੁਚੀ ਪੈਦਾ ਕਰਨ ਲਈ ਭਾਈ ਗੁਰਦਾਸ ਲਾਇਬ੍ਰੇਰੀ ਦੀ ਆਰੰਭਤਾ ਇਕ ਸ਼ਲਾਘਾਯੋਗ ਕਦਮ
ਜਲੰਧਰ 21 ਜੂਨ (ਕੇ.ਐੱਸ. ਸੋਢੀ) ਬੱਚਿਆਂ ਵਿੱਚ ਪੁਸਤਕਾਂ ਪੜ੍ਹਨ ਦੀ ਰੁਚੀ ਪੈਦਾ ਕਰਨ ਲਈ ਭਾਈ ਗੁਰਦਾਸ ਲਾਇਬ੍ਰੇਰੀ ਦੀ ਸ਼ੁਰੂਆਤ ਕੀਤੀ ਗਈ। ਇਸ ਮੌਕੇ ਬੁਲਾਰਿਆਂ ਨੇ ਕਿਹਾ ਕਿ ਇਹ ਇੱਕ ਸ਼ਲਾਘਾਯੋਗ ਕਦਮ ਹੈ ਅਤੇ ਇਸ ਨਾਲ ਨਵੀਂ ਪੀੜ੍ਹੀ ਆਪਣੇ ਵਿਰਸੇ ਅਤੇ ਇਤਿਹਾਸ ਨਾਲ ਜੁੜੇਗੀ। ਲਾਇਬ੍ਰੇਰੀ ਵਿੱਚ ਧਾਰਮਿਕ ਅਤੇ ਇਤਿਹਾਸਕ ਪੁਸਤਕਾਂ ਉਪਲੱਬਧ ਕਰਵਾਈਆਂ ਗਈਆਂ ਹਨ।
ਜਲੰਧਰ 21 ਜੂਨ (ਕੇ.ਐੱਸ. ਸੋਢੀ) ਬੱਚਿਆਂ ਵਿੱਚ ਪੁਸਤਕਾਂ ਪੜ੍ਹਨ ਦੀ ਰੁਚੀ ਪੈਦਾ ਕਰਨ ਲਈ ਭਾਈ ਗੁਰਦਾਸ ਲਾਇਬ੍ਰੇਰੀ ਦੀ ਸ਼ੁਰੂਆਤ ਕੀਤੀ ਗਈ। ਇਸ ਮੌਕੇ ਬੁਲਾਰਿਆਂ ਨੇ ਕਿਹਾ ਕਿ ਇਹ ਇੱਕ ਸ਼ਲਾਘਾਯੋਗ ਕਦਮ ਹੈ ਅਤੇ ਇਸ ਨਾਲ ਨਵੀਂ ਪੀੜ੍ਹੀ ਆਪਣੇ ਵਿਰਸੇ ਅਤੇ ਇਤਿਹਾਸ ਨਾਲ ਜੁੜੇਗੀ। ਲਾਇਬ੍ਰੇਰੀ ਵਿੱਚ ਧਾਰਮਿਕ ਅਤੇ ਇਤਿਹਾਸਕ ਪੁਸਤਕਾਂ ਉਪਲੱਬਧ ਕਰਵਾਈਆਂ ਗਈਆਂ ਹਨ।
ਜਲੰਧਰ 21 ਜੂਨ (ਕੇ.ਐੱਸ. ਸੋਢੀ) ਬੱਚਿਆਂ ਵਿੱਚ ਪੁਸਤਕਾਂ ਪੜ੍ਹਨ ਦੀ ਰੁਚੀ ਪੈਦਾ ਕਰਨ ਲਈ ਭਾਈ ਗੁਰਦਾਸ ਲਾਇਬ੍ਰੇਰੀ ਦੀ ਸ਼ੁਰੂਆਤ ਕੀਤੀ ਗਈ। ਇਸ ਮੌਕੇ ਬੁਲਾਰਿਆਂ ਨੇ ਕਿਹਾ ਕਿ ਇਹ ਇੱਕ ਸ਼ਲਾਘਾਯੋਗ ਕਦਮ ਹੈ ਅਤੇ ਇਸ ਨਾਲ ਨਵੀਂ ਪੀੜ੍ਹੀ ਆਪਣੇ ਵਿਰਸੇ ਅਤੇ ਇਤਿਹਾਸ ਨਾਲ ਜੁੜੇਗੀ। ਲਾਇਬ੍ਰੇਰੀ ਵਿੱਚ ਧਾਰਮਿਕ ਅਤੇ ਇਤਿਹਾਸਕ ਪੁਸਤਕਾਂ ਉਪਲੱਬਧ ਕਰਵਾਈਆਂ ਗਈਆਂ ਹਨ।
ਮਿਠਾਈ ਦੀ ਦੁਕਾਨ 'ਤੇ ਕੰਮ ਕਰਨ ਵਾਲੇ 23 ਸਾਲਾਂ ਨੌਜਵਾਨ ਦੀ ਮੌਤ
ਪਰਿਵਾਰ ਨੇ ਲਗਾਇਆ ਕਤਲ ਦਾ ਦੋਸ਼
ਬਠਿੰਡਾ 21 ਜੂਨ (ਅਨਿਲ ਵਰਮਾ) ਸ਼ਹਿਰ ਦੀ ਇੱਕ ਮਿਠਾਈ ਦੀ ਦੁਕਾਨ ਉੱਤੇ ਕੰਮ ਕਰਨ ਵਾਲੇ 23 ਸਾਲਾਂ ਨੌਜਵਾਨ ਦੀ ਸ਼ੱਕੀ ਹਾਲਾਤਾਂ ਵਿੱਚ ਮੌਤ ਹੋ ਗਈ। ਪਰਿਵਾਰ ਨੇ ਦੁਕਾਨ ਮਾਲਕ ਉੱਤੇ ਕਤਲ ਦਾ ਦੋਸ਼ ਲਗਾਇਆ ਹੈ ਅਤੇ ਇਨਸਾਫ਼ ਦੀ ਮੰਗ ਕੀਤੀ ਹੈ। ਪੁਲਿਸ ਨੇ ਲਾਸ਼ ਨੂੰ ਕਬਜ਼ੇ ਵਿੱਚ ਲੈ ਕੇ ਪੋਸਟਮਾਰਟਮ ਲਈ ਭੇਜ ਦਿੱਤਾ ਹੈ ਅਤੇ ਮਾਮਲੇ ਦੀ ਜਾਂਚ ਸ਼ੁਰੂ ਕਰ ਦਿੱਤੀ ਹੈ।
ਮਹਿਲਕਲਾਂ ਟਰੱਕ ਯੂਨੀਅਨ ਦੇ ਪ੍ਰਧਾਨ ਅਰਸ਼ਦੀਪ ਸਿੰਘ ਬਿੱਟੂ ਦੀ ਪਤਨੀ ਸੁਖਪਾਲ ਕੌਰ ਨੇ ਬਿੱਟੂ ਦੀ ਰਿਹਾਈ ਨੂੰ ਲੈ ਕੇ ਮੁੱਖ ਮੰਤਰੀ ਭਗਵੰਤ ਸਿੰਘ ਮਾਨ ਕੋਲ ਕੀਤੀ ਇਨਸਾਫ ਦੀ ਮੰਗ
ਮਹਿਲਕਲਾਂ 21 ਜੂਨ (ਗੁਰਸੇਵਕ ਸਿੰਘ ਸਹੋਤਾ) ਟਰੱਕ ਯੂਨੀਅਨ ਮਹਿਲਕਲਾਂ ਦੇ ਪ੍ਰਧਾਨ ਅਰਸ਼ਦੀਪ ਸਿੰਘ ਬਿੱਟੂ ਦੀ ਪਤਨੀ ਸੁਖਪਾਲ ਕੌਰ ਨੇ ਮੁੱਖ ਮੰਤਰੀ ਭਗਵੰਤ ਸਿੰਘ ਮਾਨ ਕੋਲ ਆਪਣੇ ਪਤੀ ਦੀ ਰਿਹਾਈ ਲਈ ਇਨਸਾਫ਼ ਦੀ ਮੰਗ ਕੀਤੀ ਹੈ। ਉਨ੍ਹਾਂ ਕਿਹਾ ਕਿ ਉਨ੍ਹਾਂ ਦੇ ਪਤੀ ਨੂੰ ਝੂਠੇ ਕੇਸ ਵਿੱਚ ਫਸਾਇਆ ਗਿਆ ਹੈ।
ਮਹਿਲਕਲਾਂ 21 ਜੂਨ (ਗੁਰਸੇਵਕ ਸਿੰਘ ਸਹੋਤਾ) ਟਰੱਕ ਯੂਨੀਅਨ ਮਹਿਲਕਲਾਂ ਦੇ ਪ੍ਰਧਾਨ ਅਰਸ਼ਦੀਪ ਸਿੰਘ ਬਿੱਟੂ ਦੀ ਪਤਨੀ ਸੁਖਪਾਲ ਕੌਰ ਨੇ ਮੁੱਖ ਮੰਤਰੀ ਭਗਵੰਤ ਸਿੰਘ ਮਾਨ ਕੋਲ ਆਪਣੇ ਪਤੀ ਦੀ ਰਿਹਾਈ ਲਈ ਇਨਸਾਫ਼ ਦੀ ਮੰਗ ਕੀਤੀ ਹੈ। ਉਨ੍ਹਾਂ ਕਿਹਾ ਕਿ ਉਨ੍ਹਾਂ ਦੇ ਪਤੀ ਨੂੰ ਝੂਠੇ ਕੇਸ ਵਿੱਚ ਫਸਾਇਆ ਗਿਆ ਹੈ।
ਮਹਿਲਕਲਾਂ 21 ਜੂਨ (ਗੁਰਸੇਵਕ ਸਿੰਘ ਸਹੋਤਾ) ਟਰੱਕ ਯੂਨੀਅਨ ਮਹਿਲਕਲਾਂ ਦੇ ਪ੍ਰਧਾਨ ਅਰਸ਼ਦੀਪ ਸਿੰਘ ਬਿੱਟੂ ਦੀ ਪਤਨੀ ਸੁਖਪਾਲ ਕੌਰ ਨੇ ਮੁੱਖ ਮੰਤਰੀ ਭਗਵੰਤ ਸਿੰਘ ਮਾਨ ਕੋਲ ਆਪਣੇ ਪਤੀ ਦੀ ਰਿਹਾਈ ਲਈ ਇਨਸਾਫ਼ ਦੀ ਮੰਗ ਕੀਤੀ ਹੈ। ਉਨ੍ਹਾਂ ਕਿਹਾ ਕਿ ਉਨ੍ਹਾਂ ਦੇ ਪਤੀ ਨੂੰ ਝੂਠੇ ਕੇਸ ਵਿੱਚ ਫਸਾਇਆ ਗਿਆ ਹੈ।
ਵਰ੍ਹੇਗੰਢ ਮੁਬਾਰਕ
ਹਰਪ੍ਰੀਤ ਅਨੰਦ ਅਤੇ ਸਵਰਨ ਜੀਤ ਨੂੰ ਵਿਆਹ ਦੀ ਵਰ੍ਹੇਗੰਢ ਮੁਬਾਰਕ
